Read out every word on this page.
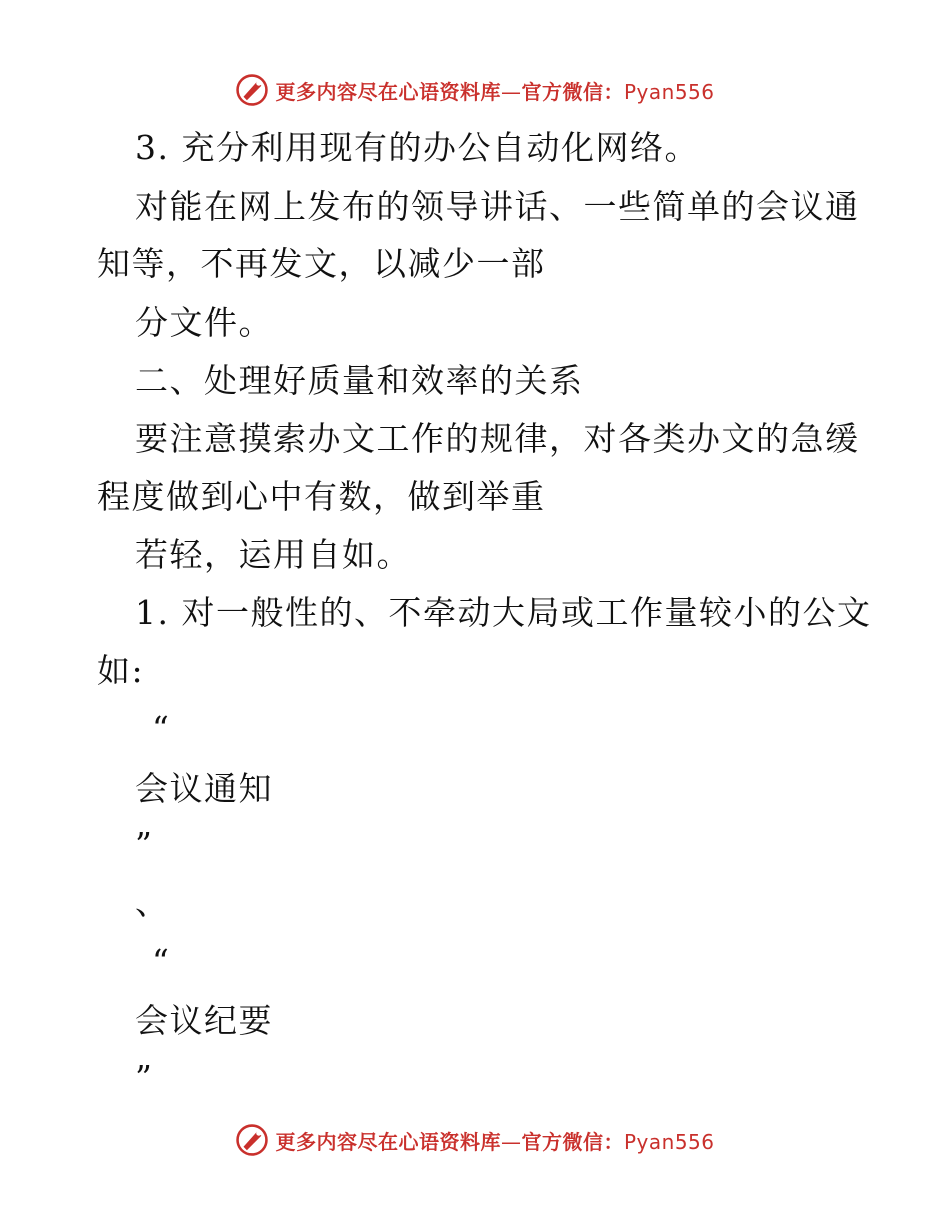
更多内容尽在心语资料库—官方微信：Pyan556
3. 充分利用现有的办公自动化网络。
对能在网上发布的领导讲话、一些简单的会议通
知等，不再发文，以减少一部
分文件。
二、处理好质量和效率的关系
要注意摸索办文工作的规律，对各类办文的急缓
程度做到心中有数，做到举重
若轻，运用自如。
1. 对一般性的、不牵动大局或工作量较小的公文
如:
“
会议通知
”
、
“
会议纪要
”
更多内容尽在心语资料库—官方微信：Pyan556
